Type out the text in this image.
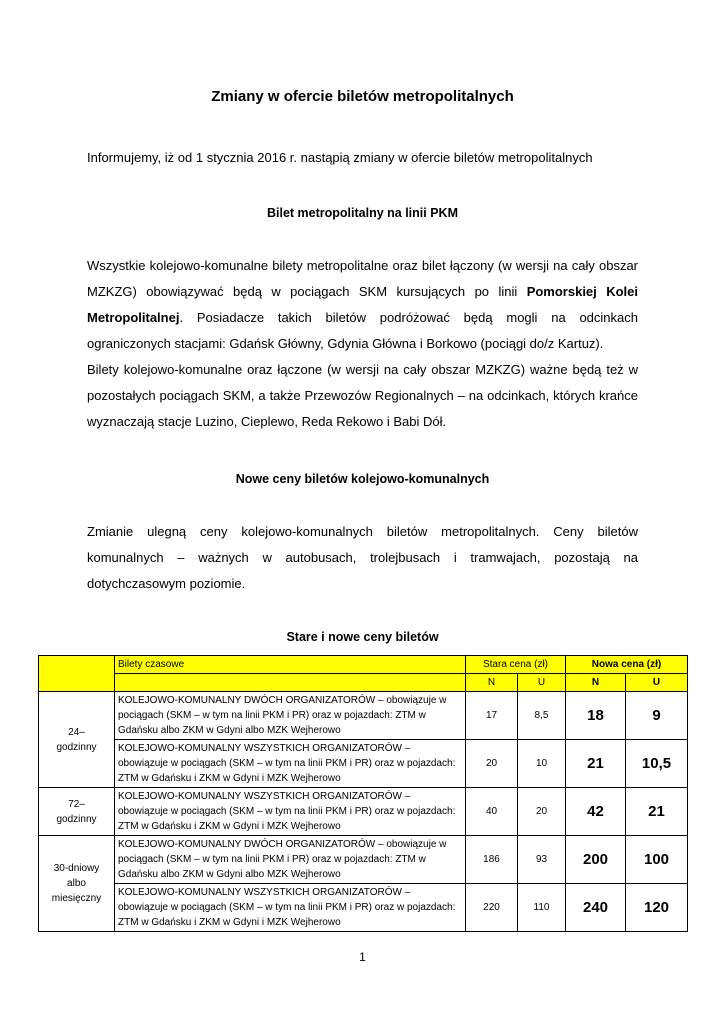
Zmiany w ofercie biletów metropolitalnych
Informujemy, iż od 1 stycznia 2016 r. nastąpią zmiany w ofercie biletów metropolitalnych
Bilet metropolitalny na linii PKM

Wszystkie kolejowo-komunalne bilety metropolitalne oraz bilet łączony (w wersji na cały obszar MZKZG) obowiązywać będą w pociągach SKM kursujących po linii Pomorskiej Kolei Metropolitalnej. Posiadacze takich biletów podróżować będą mogli na odcinkach ograniczonych stacjami: Gdańsk Główny, Gdynia Główna i Borkowo (pociągi do/z Kartuz).

Bilety kolejowo-komunalne oraz łączone (w wersji na cały obszar MZKZG) ważne będą też w pozostałych pociągach SKM, a także Przewozów Regionalnych – na odcinkach, których krańce wyznaczają stacje Luzino, Cieplewo, Reda Rekowo i Babi Dół.

Nowe ceny biletów kolejowo-komunalnych

Zmianie ulegną ceny kolejowo-komunalnych biletów metropolitalnych. Ceny biletów komunalnych – ważnych w autobusach, trolejbusach i tramwajach, pozostają na dotychczasowym poziomie.

Stare i nowe ceny biletów
	Bilety czasowe	Stara cena (zł)		Nowa cena (zł)	
		N	U	N	U
24–
godzinny	KOLEJOWO-KOMUNALNY DWÓCH ORGANIZATORÓW – obowiązuje w pociągach (SKM – w tym na linii PKM i PR) oraz w pojazdach: ZTM w Gdańsku albo ZKM w Gdyni albo MZK Wejherowo	17	8,5	18	9
	KOLEJOWO-KOMUNALNY WSZYSTKICH ORGANIZATORÓW – obowiązuje w pociągach (SKM – w tym na linii PKM i PR) oraz w pojazdach: ZTM w Gdańsku i ZKM w Gdyni i MZK Wejherowo	20	10	21	10,5
72–
godzinny	KOLEJOWO-KOMUNALNY WSZYSTKICH ORGANIZATORÓW – obowiązuje w pociągach (SKM – w tym na linii PKM i PR) oraz w pojazdach: ZTM w Gdańsku i ZKM w Gdyni i MZK Wejherowo	40	20	42	21
30-dniowy
albo
miesięczny	KOLEJOWO-KOMUNALNY DWÓCH ORGANIZATORÓW – obowiązuje w pociągach (SKM – w tym na linii PKM i PR) oraz w pojazdach: ZTM w Gdańsku albo ZKM w Gdyni albo MZK Wejherowo	186	93	200	100
	KOLEJOWO-KOMUNALNY WSZYSTKICH ORGANIZATORÓW – obowiązuje w pociągach (SKM – w tym na linii PKM i PR) oraz w pojazdach: ZTM w Gdańsku i ZKM w Gdyni i MZK Wejherowo	220	110	240	120
1
